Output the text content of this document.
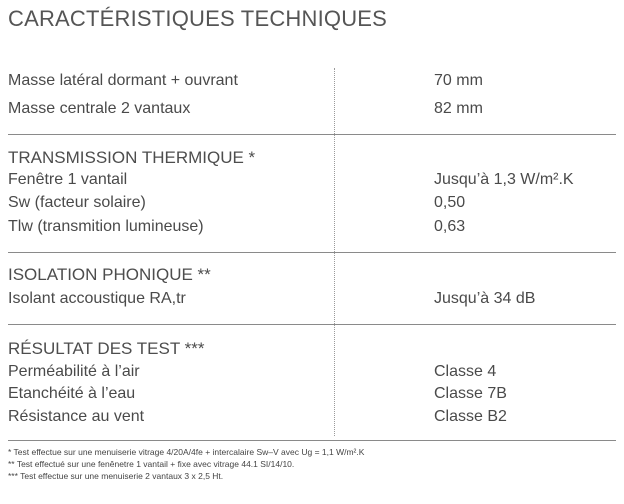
CARACTÉRISTIQUES TECHNIQUES
Masse latéral dormant + ouvrant	70 mm
Masse centrale 2 vantaux	82 mm
TRANSMISSION THERMIQUE *
Fenêtre 1 vantail	Jusqu’à 1,3 W/m².K
Sw (facteur solaire)	0,50
Tlw (transmition lumineuse)	0,63
ISOLATION PHONIQUE **
Isolant accoustique RA,tr	Jusqu’à 34 dB
RÉSULTAT DES TEST ***
Perméabilité à l’air	Classe 4
Etanchéité à l’eau	Classe 7B
Résistance au vent	Classe B2
* Test effectue sur une menuiserie vitrage 4/20A/4fe + intercalaire Sw–V avec Ug = 1,1 W/m².K
** Test effectué sur une fenênetre 1 vantail + fixe avec vitrage 44.1 SI/14/10.
*** Test effectue sur une menuiserie 2 vantaux 3 x 2,5 Ht.
